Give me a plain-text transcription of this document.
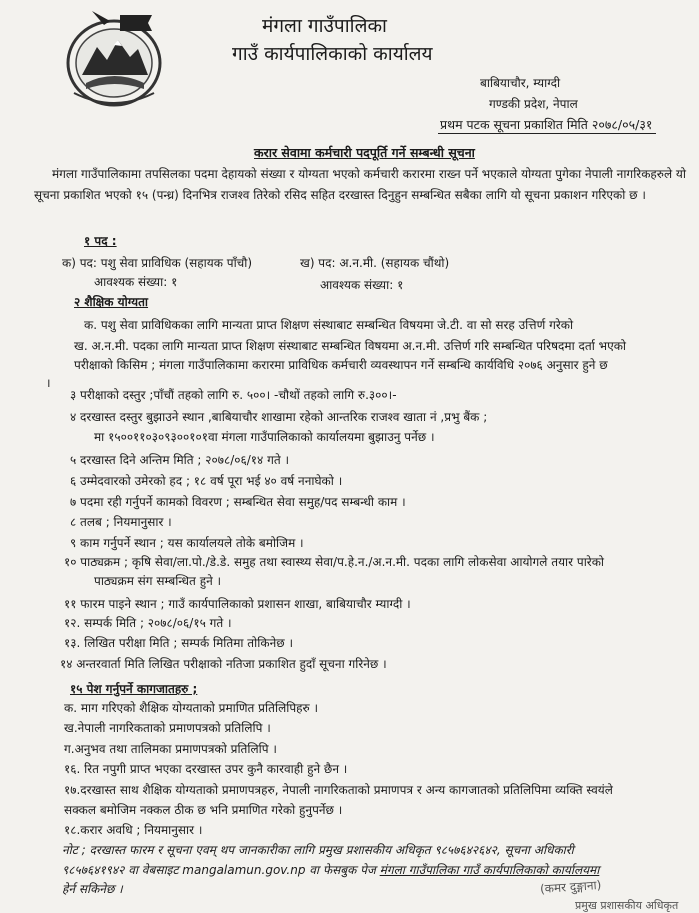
मंगला गाउँपालिका
गाउँ कार्यपालिकाको कार्यालय
बाबियाचौर, म्याग्दी
गण्डकी प्रदेश, नेपाल
प्रथम पटक सूचना प्रकाशित मिति २०७८/०५/३१
करार सेवामा कर्मचारी पदपूर्ति गर्ने सम्बन्धी सूचना
मंगला गाउँपालिकामा तपसिलका पदमा देहायको संख्या र योग्यता भएको कर्मचारी करारमा राख्न पर्ने भएकाले योग्यता पुगेका नेपाली नागरिकहरुले यो सूचना प्रकाशित भएको १५ (पन्ध्र) दिनभित्र राजश्व तिरेको रसिद सहित दरखास्त दिनुहुन सम्बन्धित सबैका लागि यो सूचना प्रकाशन गरिएको छ ।
१ पद :
क) पद: पशु सेवा प्राविधिक (सहायक पाँचौ)	ख) पद: अ.न.मी. (सहायक चौंथो)
आवश्यक संख्या: १	आवश्यक संख्या: १
२ शैक्षिक योग्यता
क. पशु सेवा प्राविधिकका लागि मान्यता प्राप्त शिक्षण संस्थाबाट सम्बन्धित विषयमा जे.टी. वा सो सरह उत्तिर्ण गरेको
ख. अ.न.मी. पदका लागि मान्यता प्राप्त शिक्षण संस्थाबाट सम्बन्धित विषयमा अ.न.मी. उत्तिर्ण गरि सम्बन्धित परिषदमा दर्ता भएको
परीक्षाको किसिम ; मंगला गाउँपालिकामा करारमा प्राविधिक कर्मचारी व्यवस्थापन गर्ने सम्बन्धि कार्यविधि २०७६ अनुसार हुने छ
।
३ परीक्षाको दस्तुर ;पाँचौं तहको लागि रु. ५००। -चौथों तहको लागि रु.३००।-
४ दरखास्त दस्तुर बुझाउने स्थान ,बाबियाचौर शाखामा रहेको आन्तरिक राजश्व खाता नं ,प्रभु बैंक ;
मा १५००११०३०९३००१०१वा मंगला गाउँपालिकाको कार्यालयमा बुझाउनु पर्नेछ ।
५ दरखास्त दिने अन्तिम मिति ; २०७८/०६/१४ गते ।
६ उम्मेदवारको उमेरको हद ; १८ वर्ष पूरा भई ४० वर्ष ननाघेको ।
७ पदमा रही गर्नुपर्ने कामको विवरण ; सम्बन्धित सेवा समुह/पद सम्बन्धी काम ।
८ तलब ; नियमानुसार ।
९ काम गर्नुपर्ने स्थान ; यस कार्यालयले तोके बमोजिम ।
१० पाठ्यक्रम ; कृषि सेवा/ला.पो./डे.डे. समुह तथा स्वास्थ्य सेवा/प.हे.न./अ.न.मी. पदका लागि लोकसेवा आयोगले तयार पारेको
पाठ्यक्रम संग सम्बन्धित हुने ।
११ फारम पाइने स्थान ; गाउँ कार्यपालिकाको प्रशासन शाखा, बाबियाचौर म्याग्दी ।
१२. सम्पर्क मिति ; २०७८/०६/१५ गते ।
१३. लिखित परीक्षा मिति ; सम्पर्क मितिमा तोकिनेछ ।
१४ अन्तरवार्ता मिति लिखित परीक्षाको नतिजा प्रकाशित हुदाँ सूचना गरिनेछ ।
१५ पेश गर्नुपर्ने कागजातहरु ;
क. माग गरिएको शैक्षिक योग्यताको प्रमाणित प्रतिलिपिहरु ।
ख.नेपाली नागरिकताको प्रमाणपत्रको प्रतिलिपि ।
ग.अनुभव तथा तालिमका प्रमाणपत्रको प्रतिलिपि ।
१६. रित नपुगी प्राप्त भएका दरखास्त उपर कुनै कारवाही हुने छैन ।
१७.दरखास्त साथ शैक्षिक योग्यताको प्रमाणपत्रहरु, नेपाली नागरिकताको प्रमाणपत्र र अन्य कागजातको प्रतिलिपिमा व्यक्ति स्वयंले
सक्कल बमोजिम नक्कल ठीक छ भनि प्रमाणित गरेको हुनुपर्नेछ ।
१८.करार अवधि ; नियमानुसार ।
नोट ; दरखास्त फारम र सूचना एवम् थप जानकारीका लागि प्रमुख प्रशासकीय अधिकृत ९८५७६४२६४२, सूचना अधिकारी
९८५७६४१९४२ वा वेबसाइट mangalamun.gov.np वा फेसबुक पेज मंगला गाउँपालिका गाउँ कार्यपालिकाको कार्यालयमा
हेर्न सकिनेछ ।	(कमर दुङ्गाना)
प्रमुख प्रशासकीय अधिकृत
